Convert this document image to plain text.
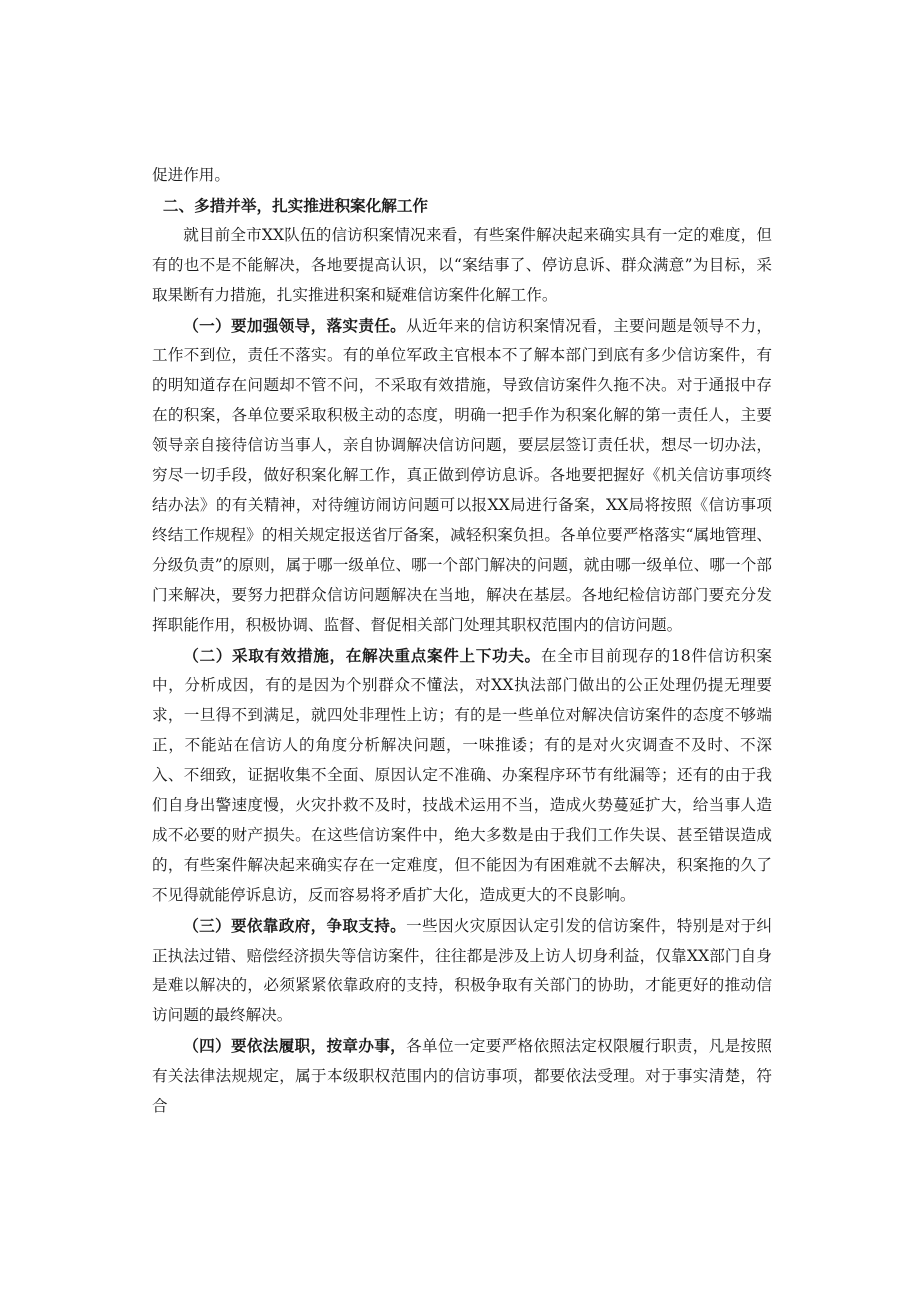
促进作用。

二、多措并举，扎实推进积案化解工作

就目前全市XX队伍的信访积案情况来看，有些案件解决起来确实具有一定的难度，但有的也不是不能解决，各地要提高认识，以“案结事了、停访息诉、群众满意”为目标，采取果断有力措施，扎实推进积案和疑难信访案件化解工作。

（一）要加强领导，落实责任。从近年来的信访积案情况看，主要问题是领导不力，工作不到位，责任不落实。有的单位军政主官根本不了解本部门到底有多少信访案件，有的明知道存在问题却不管不问，不采取有效措施，导致信访案件久拖不决。对于通报中存在的积案，各单位要采取积极主动的态度，明确一把手作为积案化解的第一责任人，主要领导亲自接待信访当事人，亲自协调解决信访问题，要层层签订责任状，想尽一切办法，穷尽一切手段，做好积案化解工作，真正做到停访息诉。各地要把握好《机关信访事项终结办法》的有关精神，对待缠访闹访问题可以报XX局进行备案，XX局将按照《信访事项终结工作规程》的相关规定报送省厅备案，减轻积案负担。各单位要严格落实“属地管理、分级负责”的原则，属于哪一级单位、哪一个部门解决的问题，就由哪一级单位、哪一个部门来解决，要努力把群众信访问题解决在当地，解决在基层。各地纪检信访部门要充分发挥职能作用，积极协调、监督、督促相关部门处理其职权范围内的信访问题。

（二）采取有效措施，在解决重点案件上下功夫。在全市目前现存的18件信访积案中，分析成因，有的是因为个别群众不懂法，对XX执法部门做出的公正处理仍提无理要求，一旦得不到满足，就四处非理性上访；有的是一些单位对解决信访案件的态度不够端正，不能站在信访人的角度分析解决问题，一味推诿；有的是对火灾调查不及时、不深入、不细致，证据收集不全面、原因认定不准确、办案程序环节有纰漏等；还有的由于我们自身出警速度慢，火灾扑救不及时，技战术运用不当，造成火势蔓延扩大，给当事人造成不必要的财产损失。在这些信访案件中，绝大多数是由于我们工作失误、甚至错误造成的，有些案件解决起来确实存在一定难度，但不能因为有困难就不去解决，积案拖的久了不见得就能停诉息访，反而容易将矛盾扩大化，造成更大的不良影响。

（三）要依靠政府，争取支持。一些因火灾原因认定引发的信访案件，特别是对于纠正执法过错、赔偿经济损失等信访案件，往往都是涉及上访人切身利益，仅靠XX部门自身是难以解决的，必须紧紧依靠政府的支持，积极争取有关部门的协助，才能更好的推动信访问题的最终解决。

（四）要依法履职，按章办事，各单位一定要严格依照法定权限履行职责，凡是按照有关法律法规规定，属于本级职权范围内的信访事项，都要依法受理。对于事实清楚，符合
